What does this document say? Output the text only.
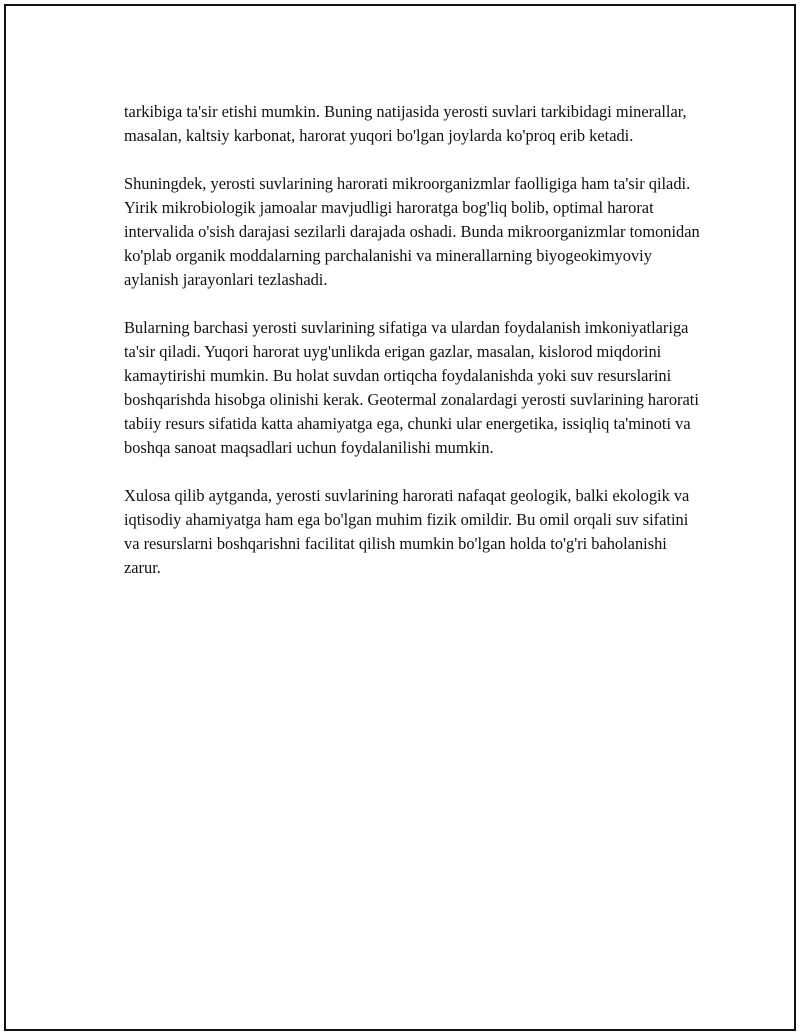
tarkibiga ta'sir etishi mumkin. Buning natijasida yerosti suvlari tarkibidagi minerallar, masalan, kaltsiy karbonat, harorat yuqori bo'lgan joylarda ko'proq erib ketadi.

Shuningdek, yerosti suvlarining harorati mikroorganizmlar faolligiga ham ta'sir qiladi. Yirik mikrobiologik jamoalar mavjudligi haroratga bog'liq bolib, optimal harorat intervalida o'sish darajasi sezilarli darajada oshadi. Bunda mikroorganizmlar tomonidan ko'plab organik moddalarning parchalanishi va minerallarning biyogeokimyoviy aylanish jarayonlari tezlashadi.

Bularning barchasi yerosti suvlarining sifatiga va ulardan foydalanish imkoniyatlariga ta'sir qiladi. Yuqori harorat uyg'unlikda erigan gazlar, masalan, kislorod miqdorini kamaytirishi mumkin. Bu holat suvdan ortiqcha foydalanishda yoki suv resurslarini boshqarishda hisobga olinishi kerak. Geotermal zonalardagi yerosti suvlarining harorati tabiiy resurs sifatida katta ahamiyatga ega, chunki ular energetika, issiqliq ta'minoti va boshqa sanoat maqsadlari uchun foydalanilishi mumkin.

Xulosa qilib aytganda, yerosti suvlarining harorati nafaqat geologik, balki ekologik va iqtisodiy ahamiyatga ham ega bo'lgan muhim fizik omildir. Bu omil orqali suv sifatini va resurslarni boshqarishni facilitat qilish mumkin bo'lgan holda to'g'ri baholanishi zarur.
